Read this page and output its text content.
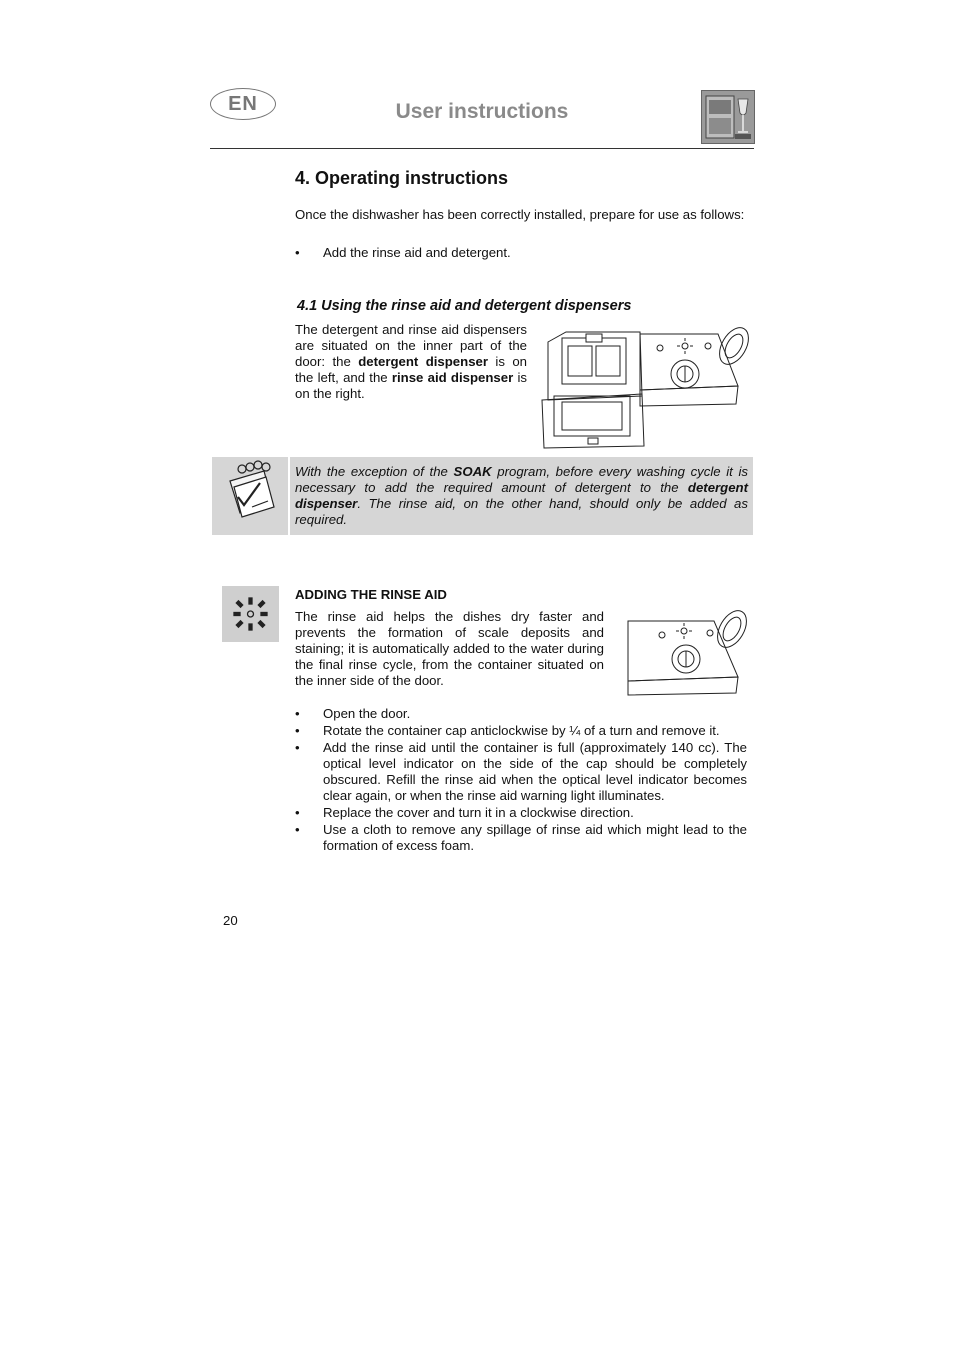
EN	User instructions
4. Operating instructions
Once the dishwasher has been correctly installed, prepare for use as follows:
•	Add the rinse aid and detergent.
4.1 Using the rinse aid and detergent dispensers
The detergent and rinse aid dispensers are situated on the inner part of the door: the detergent dispenser is on the left, and the rinse aid dispenser is on the right.
With the exception of the SOAK program, before every washing cycle it is necessary to add the required amount of detergent to the detergent dispenser. The rinse aid, on the other hand, should only be added as required.
ADDING THE RINSE AID
The rinse aid helps the dishes dry faster and prevents the formation of scale deposits and staining; it is automatically added to the water during the final rinse cycle, from the container situated on the inner side of the door.
•	Open the door.
•	Rotate the container cap anticlockwise by ¼ of a turn and remove it.
•	Add the rinse aid until the container is full (approximately 140 cc). The optical level indicator on the side of the cap should be completely obscured. Refill the rinse aid when the optical level indicator becomes clear again, or when the rinse aid warning light illuminates.
•	Replace the cover and turn it in a clockwise direction.
•	Use a cloth to remove any spillage of rinse aid which might lead to the formation of excess foam.
20
